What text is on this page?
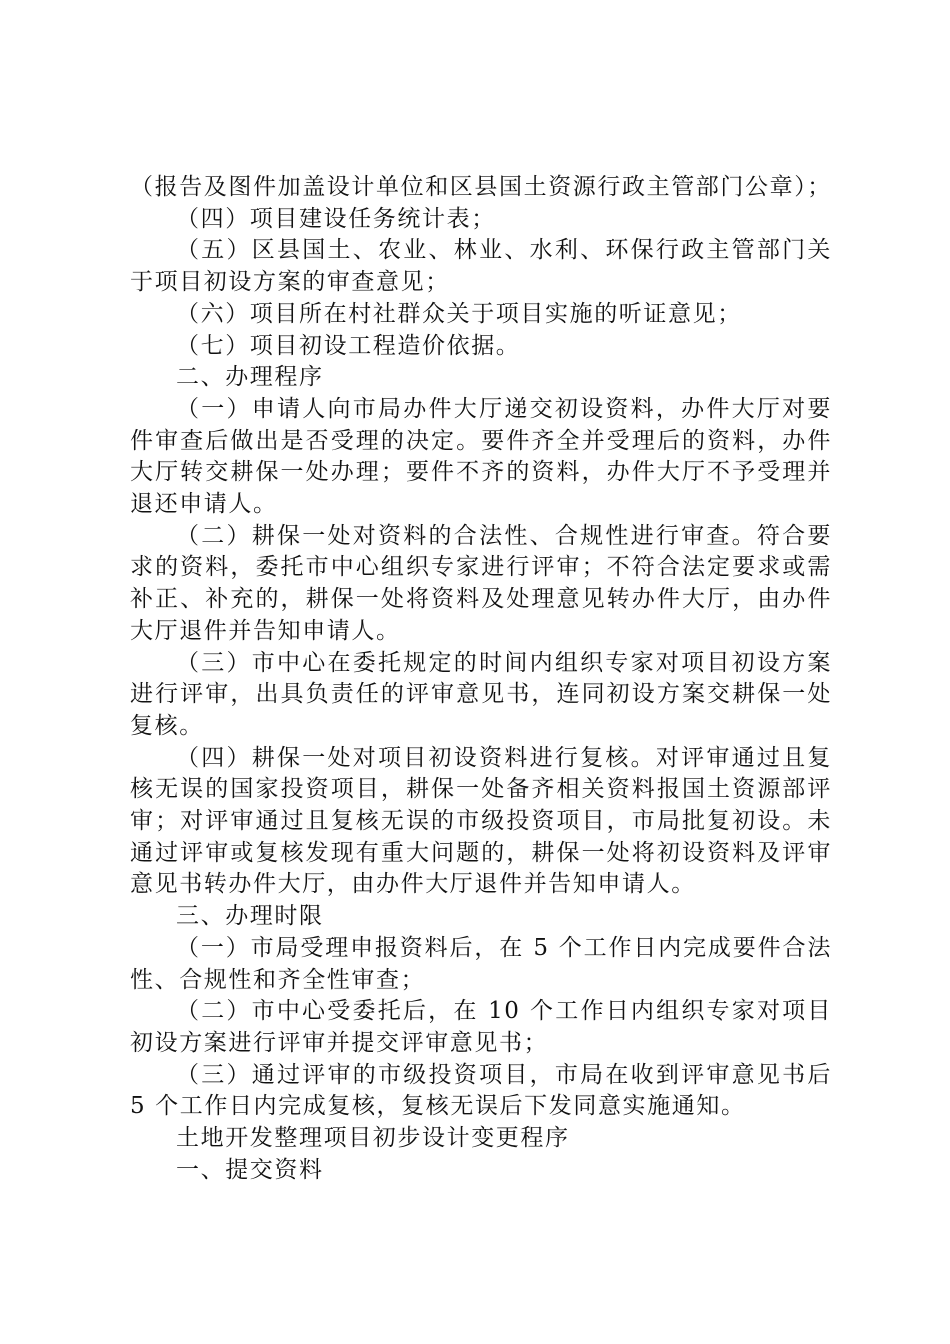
（报告及图件加盖设计单位和区县国土资源行政主管部门公章）；

（四）项目建设任务统计表；

（五）区县国土、农业、林业、水利、环保行政主管部门关于项目初设方案的审查意见；

（六）项目所在村社群众关于项目实施的听证意见；

（七）项目初设工程造价依据。

二、办理程序

（一）申请人向市局办件大厅递交初设资料，办件大厅对要件审查后做出是否受理的决定。要件齐全并受理后的资料，办件大厅转交耕保一处办理；要件不齐的资料，办件大厅不予受理并退还申请人。

（二）耕保一处对资料的合法性、合规性进行审查。符合要求的资料，委托市中心组织专家进行评审；不符合法定要求或需补正、补充的，耕保一处将资料及处理意见转办件大厅，由办件大厅退件并告知申请人。

（三）市中心在委托规定的时间内组织专家对项目初设方案进行评审，出具负责任的评审意见书，连同初设方案交耕保一处复核。

（四）耕保一处对项目初设资料进行复核。对评审通过且复核无误的国家投资项目，耕保一处备齐相关资料报国土资源部评审；对评审通过且复核无误的市级投资项目，市局批复初设。未通过评审或复核发现有重大问题的，耕保一处将初设资料及评审意见书转办件大厅，由办件大厅退件并告知申请人。

三、办理时限

（一）市局受理申报资料后，在 5 个工作日内完成要件合法性、合规性和齐全性审查；

（二）市中心受委托后，在 10 个工作日内组织专家对项目初设方案进行评审并提交评审意见书；

（三）通过评审的市级投资项目，市局在收到评审意见书后 5 个工作日内完成复核，复核无误后下发同意实施通知。

土地开发整理项目初步设计变更程序

一、提交资料
